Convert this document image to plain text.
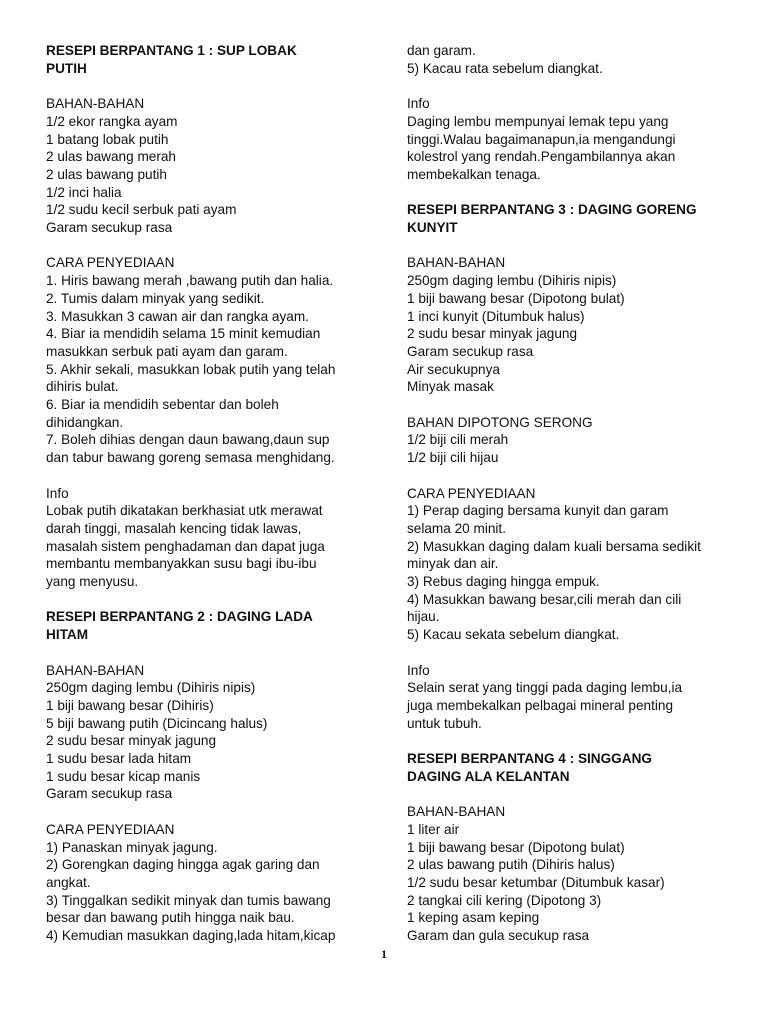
RESEPI BERPANTANG 1 : SUP LOBAK
PUTIH
BAHAN-BAHAN
1/2 ekor rangka ayam
1 batang lobak putih
2 ulas bawang merah
2 ulas bawang putih
1/2 inci halia
1/2 sudu kecil serbuk pati ayam
Garam secukup rasa
CARA PENYEDIAAN
1. Hiris bawang merah ,bawang putih dan halia.
2. Tumis dalam minyak yang sedikit.
3. Masukkan 3 cawan air dan rangka ayam.
4. Biar ia mendidih selama 15 minit kemudian
masukkan serbuk pati ayam dan garam.
5. Akhir sekali, masukkan lobak putih yang telah
dihiris bulat.
6. Biar ia mendidih sebentar dan boleh
dihidangkan.
7. Boleh dihias dengan daun bawang,daun sup
dan tabur bawang goreng semasa menghidang.
Info
Lobak putih dikatakan berkhasiat utk merawat
darah tinggi, masalah kencing tidak lawas,
masalah sistem penghadaman dan dapat juga
membantu membanyakkan susu bagi ibu-ibu
yang menyusu.
RESEPI BERPANTANG 2 : DAGING LADA
HITAM
BAHAN-BAHAN
250gm daging lembu (Dihiris nipis)
1 biji bawang besar (Dihiris)
5 biji bawang putih (Dicincang halus)
2 sudu besar minyak jagung
1 sudu besar lada hitam
1 sudu besar kicap manis
Garam secukup rasa
CARA PENYEDIAAN
1) Panaskan minyak jagung.
2) Gorengkan daging hingga agak garing dan
angkat.
3) Tinggalkan sedikit minyak dan tumis bawang
besar dan bawang putih hingga naik bau.
4) Kemudian masukkan daging,lada hitam,kicap
dan garam.
5) Kacau rata sebelum diangkat.
Info
Daging lembu mempunyai lemak tepu yang
tinggi.Walau bagaimanapun,ia mengandungi
kolestrol yang rendah.Pengambilannya akan
membekalkan tenaga.
RESEPI BERPANTANG 3 : DAGING GORENG
KUNYIT
BAHAN-BAHAN
250gm daging lembu (Dihiris nipis)
1 biji bawang besar (Dipotong bulat)
1 inci kunyit (Ditumbuk halus)
2 sudu besar minyak jagung
Garam secukup rasa
Air secukupnya
Minyak masak
BAHAN DIPOTONG SERONG
1/2 biji cili merah
1/2 biji cili hijau
CARA PENYEDIAAN
1) Perap daging bersama kunyit dan garam
selama 20 minit.
2) Masukkan daging dalam kuali bersama sedikit
minyak dan air.
3) Rebus daging hingga empuk.
4) Masukkan bawang besar,cili merah dan cili
hijau.
5) Kacau sekata sebelum diangkat.
Info
Selain serat yang tinggi pada daging lembu,ia
juga membekalkan pelbagai mineral penting
untuk tubuh.
RESEPI BERPANTANG 4 : SINGGANG
DAGING ALA KELANTAN
BAHAN-BAHAN
1 liter air
1 biji bawang besar (Dipotong bulat)
2 ulas bawang putih (Dihiris halus)
1/2 sudu besar ketumbar (Ditumbuk kasar)
2 tangkai cili kering (Dipotong 3)
1 keping asam keping
Garam dan gula secukup rasa
1
